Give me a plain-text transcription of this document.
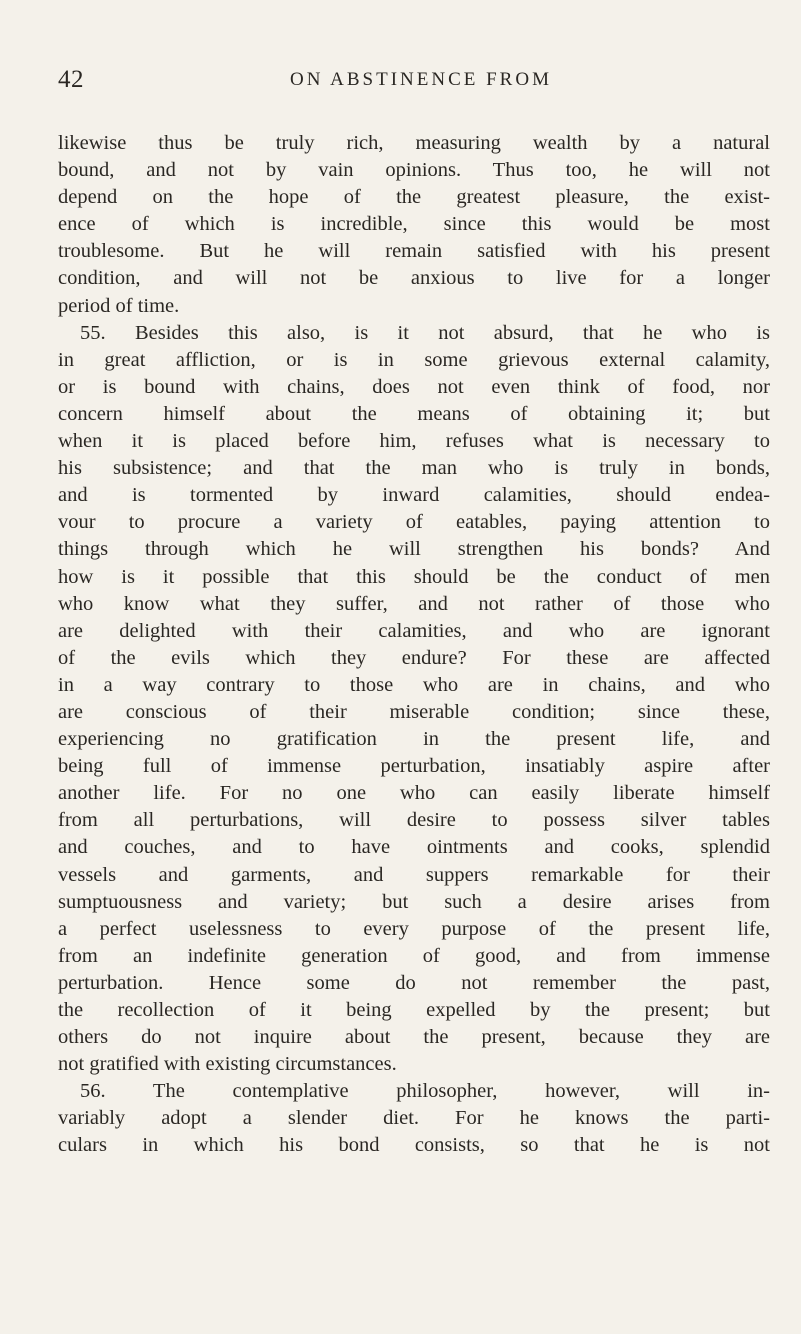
42	ON ABSTINENCE FROM
likewise thus be truly rich, measuring wealth by a natural
bound, and not by vain opinions. Thus too, he will not
depend on the hope of the greatest pleasure, the exist-
ence of which is incredible, since this would be most
troublesome. But he will remain satisfied with his present
condition, and will not be anxious to live for a longer
period of time.
55. Besides this also, is it not absurd, that he who is
in great affliction, or is in some grievous external calamity,
or is bound with chains, does not even think of food, nor
concern himself about the means of obtaining it; but
when it is placed before him, refuses what is necessary to
his subsistence; and that the man who is truly in bonds,
and is tormented by inward calamities, should endea-
vour to procure a variety of eatables, paying attention to
things through which he will strengthen his bonds? And
how is it possible that this should be the conduct of men
who know what they suffer, and not rather of those who
are delighted with their calamities, and who are ignorant
of the evils which they endure? For these are affected
in a way contrary to those who are in chains, and who
are conscious of their miserable condition; since these,
experiencing no gratification in the present life, and
being full of immense perturbation, insatiably aspire after
another life. For no one who can easily liberate himself
from all perturbations, will desire to possess silver tables
and couches, and to have ointments and cooks, splendid
vessels and garments, and suppers remarkable for their
sumptuousness and variety; but such a desire arises from
a perfect uselessness to every purpose of the present life,
from an indefinite generation of good, and from immense
perturbation. Hence some do not remember the past,
the recollection of it being expelled by the present; but
others do not inquire about the present, because they are
not gratified with existing circumstances.
56. The contemplative philosopher, however, will in-
variably adopt a slender diet. For he knows the parti-
culars in which his bond consists, so that he is not
